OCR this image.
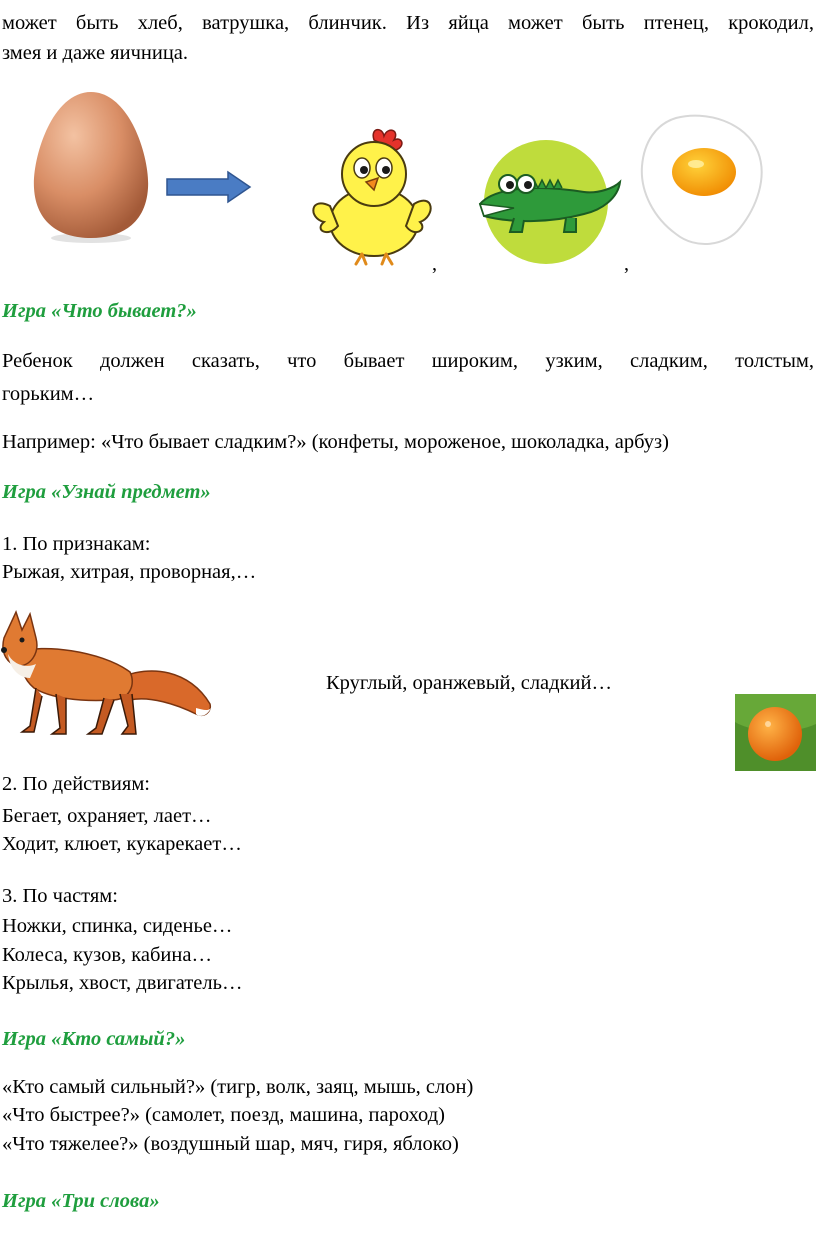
может быть хлеб, ватрушка, блинчик. Из яйца может быть птенец, крокодил,
змея и даже яичница.
,	,
Игра «Что бывает?»
Ребенок должен сказать, что бывает широким, узким, сладким, толстым,
горьким…
Например: «Что бывает сладким?» (конфеты, мороженое, шоколадка, арбуз)
Игра «Узнай предмет»
1. По признакам:
Рыжая, хитрая, проворная,…
Круглый, оранжевый, сладкий…
2. По действиям:
Бегает, охраняет, лает…
Ходит, клюет, кукарекает…
3. По частям:
Ножки, спинка, сиденье…
Колеса, кузов, кабина…
Крылья, хвост, двигатель…
Игра «Кто самый?»
«Кто самый сильный?» (тигр, волк, заяц, мышь, слон)
«Что быстрее?» (самолет, поезд, машина, пароход)
«Что тяжелее?» (воздушный шар, мяч, гиря, яблоко)
Игра «Три слова»
